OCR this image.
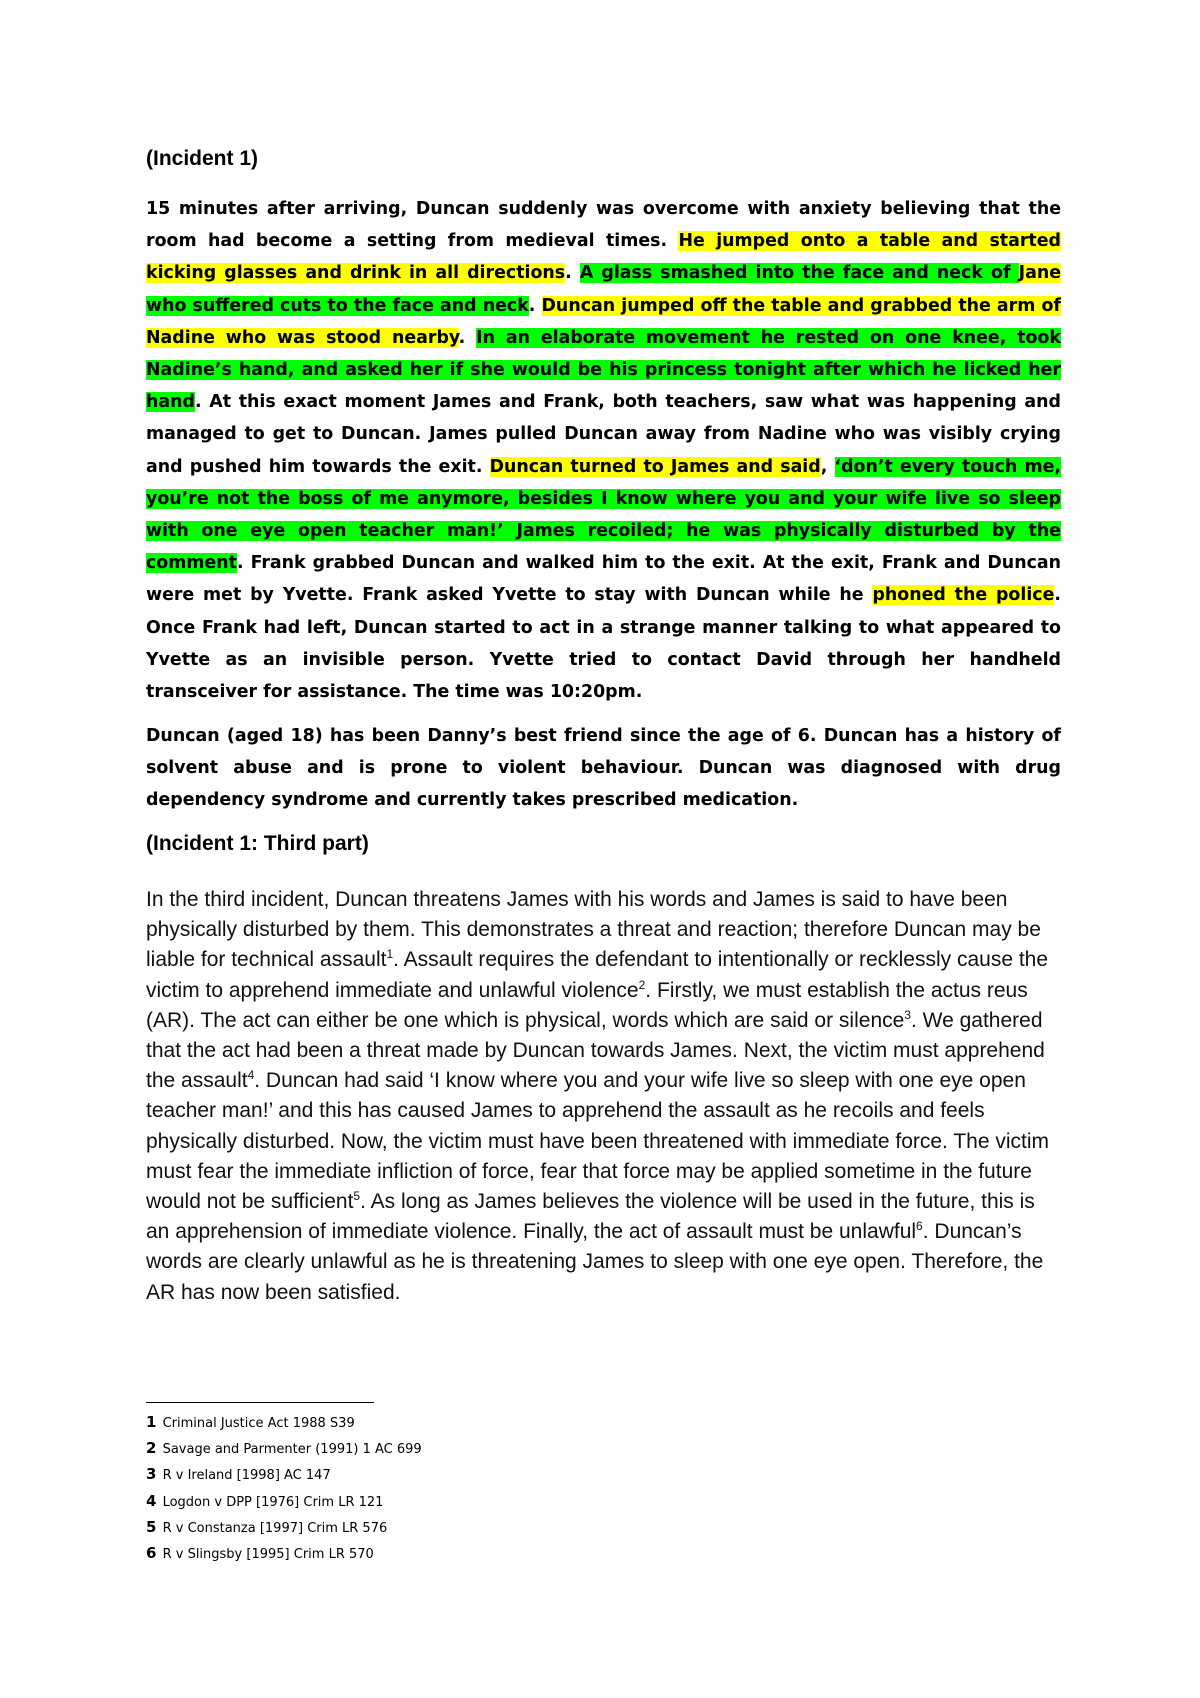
(Incident 1)
15 minutes after arriving, Duncan suddenly was overcome with anxiety believing that the room had become a setting from medieval times. He jumped onto a table and started kicking glasses and drink in all directions. A glass smashed into the face and neck of Jane who suffered cuts to the face and neck. Duncan jumped off the table and grabbed the arm of Nadine who was stood nearby. In an elaborate movement he rested on one knee, took Nadine’s hand, and asked her if she would be his princess tonight after which he licked her hand. At this exact moment James and Frank, both teachers, saw what was happening and managed to get to Duncan. James pulled Duncan away from Nadine who was visibly crying and pushed him towards the exit. Duncan turned to James and said, ‘don’t every touch me, you’re not the boss of me anymore, besides I know where you and your wife live so sleep with one eye open teacher man!’ James recoiled; he was physically disturbed by the comment. Frank grabbed Duncan and walked him to the exit. At the exit, Frank and Duncan were met by Yvette. Frank asked Yvette to stay with Duncan while he phoned the police. Once Frank had left, Duncan started to act in a strange manner talking to what appeared to Yvette as an invisible person. Yvette tried to contact David through her handheld transceiver for assistance. The time was 10:20pm.
Duncan (aged 18) has been Danny’s best friend since the age of 6. Duncan has a history of solvent abuse and is prone to violent behaviour. Duncan was diagnosed with drug dependency syndrome and currently takes prescribed medication.
(Incident 1: Third part)
In the third incident, Duncan threatens James with his words and James is said to have been physically disturbed by them. This demonstrates a threat and reaction; therefore Duncan may be liable for technical assault$^1$. Assault requires the defendant to intentionally or recklessly cause the victim to apprehend immediate and unlawful violence$^2$. Firstly, we must establish the actus reus (AR). The act can either be one which is physical, words which are said or silence$^3$. We gathered that the act had been a threat made by Duncan towards James. Next, the victim must apprehend the assault$^4$. Duncan had said ‘I know where you and your wife live so sleep with one eye open teacher man!’ and this has caused James to apprehend the assault as he recoils and feels physically disturbed. Now, the victim must have been threatened with immediate force. The victim must fear the immediate infliction of force, fear that force may be applied sometime in the future would not be sufficient$^5$. As long as James believes the violence will be used in the future, this is an apprehension of immediate violence. Finally, the act of assault must be unlawful$^6$. Duncan’s words are clearly unlawful as he is threatening James to sleep with one eye open. Therefore, the AR has now been satisfied.
1 Criminal Justice Act 1988 S39
2 Savage and Parmenter (1991) 1 AC 699
3 R v Ireland [1998] AC 147
4 Logdon v DPP [1976] Crim LR 121
5 R v Constanza [1997] Crim LR 576
6 R v Slingsby [1995] Crim LR 570
